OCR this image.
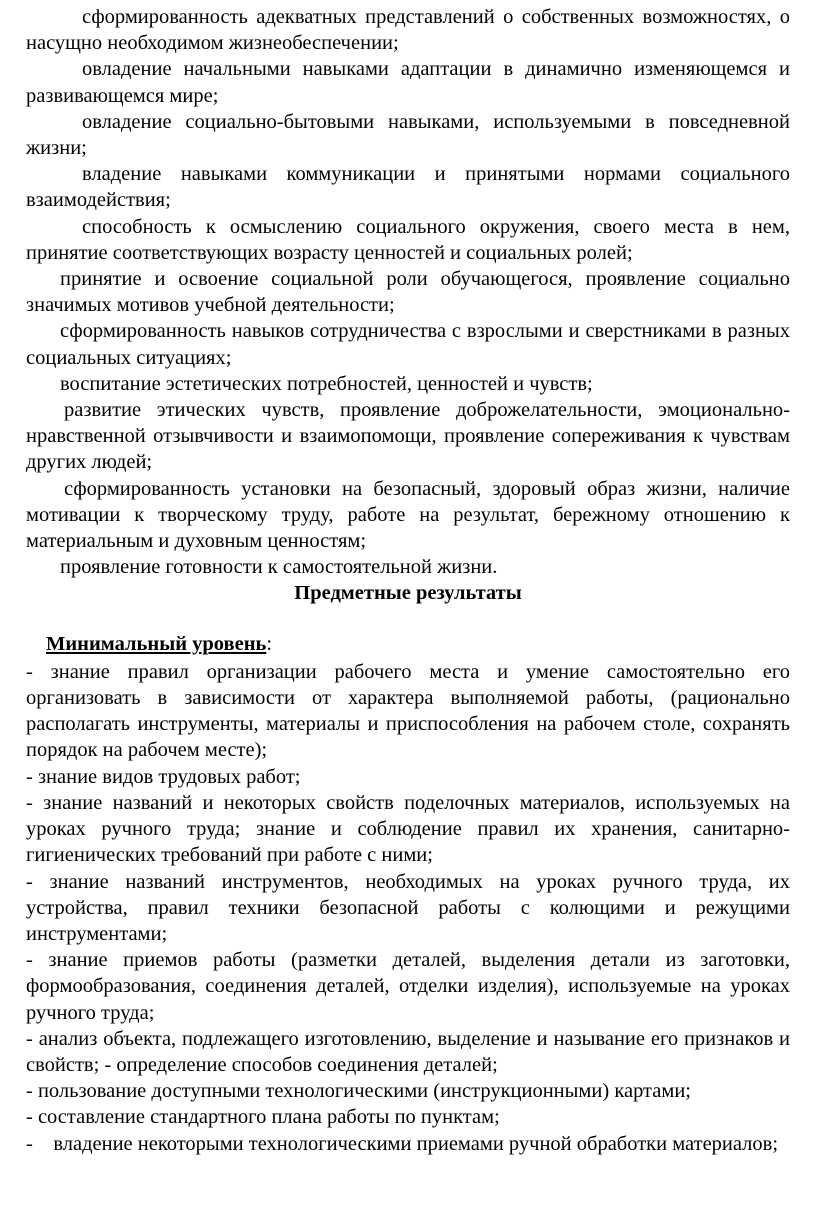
сформированность адекватных представлений о собственных возможностях, о насущно необходимом жизнеобеспечении;

овладение начальными навыками адаптации в динамично изменяющемся и развивающемся мире;

овладение социально-бытовыми навыками, используемыми в повседневной жизни;

владение навыками коммуникации и принятыми нормами социального взаимодействия;

способность к осмыслению социального окружения, своего места в нем, принятие соответствующих возрасту ценностей и социальных ролей;

принятие и освоение социальной роли обучающегося, проявление социально значимых мотивов учебной деятельности;

сформированность навыков сотрудничества с взрослыми и сверстниками в разных социальных ситуациях;

воспитание эстетических потребностей, ценностей и чувств;

развитие этических чувств, проявление доброжелательности, эмоционально-нравственной отзывчивости и взаимопомощи, проявление сопереживания к чувствам других людей;

сформированность установки на безопасный, здоровый образ жизни, наличие мотивации к творческому труду, работе на результат, бережному отношению к материальным и духовным ценностям;

проявление готовности к самостоятельной жизни.

Предметные результаты

Минимальный уровень:

- знание правил организации рабочего места и умение самостоятельно его организовать в зависимости от характера выполняемой работы, (рационально располагать инструменты, материалы и приспособления на рабочем столе, сохранять порядок на рабочем месте);

- знание видов трудовых работ;

- знание названий и некоторых свойств поделочных материалов, используемых на уроках ручного труда; знание и соблюдение правил их хранения, санитарно-гигиенических требований при работе с ними;

- знание названий инструментов, необходимых на уроках ручного труда, их устройства, правил техники безопасной работы с колющими и режущими инструментами;

- знание приемов работы (разметки деталей, выделения детали из заготовки, формообразования, соединения деталей, отделки изделия), используемые на уроках ручного труда;

- анализ объекта, подлежащего изготовлению, выделение и называние его признаков и свойств; - определение способов соединения деталей;

- пользование доступными технологическими (инструкционными) картами;

- составление стандартного плана работы по пунктам;

-    владение некоторыми технологическими приемами ручной обработки материалов;
